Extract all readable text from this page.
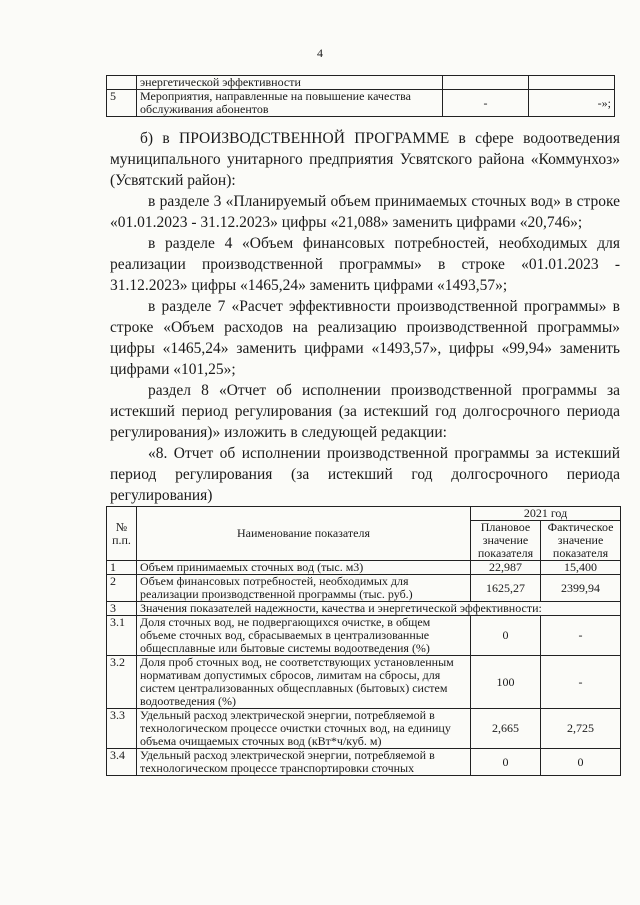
4
	энергетической эффективности		
5	Мероприятия, направленные на повышение качества обслуживания абонентов	-	-»;

б) в ПРОИЗВОДСТВЕННОЙ ПРОГРАММЕ в сфере водоотведения муниципального унитарного предприятия Усвятского района «Коммунхоз» (Усвятский район):

в разделе 3 «Планируемый объем принимаемых сточных вод» в строке «01.01.2023 - 31.12.2023» цифры «21,088» заменить цифрами «20,746»;

в разделе 4 «Объем финансовых потребностей, необходимых для реализации производственной программы» в строке «01.01.2023 - 31.12.2023» цифры «1465,24» заменить цифрами «1493,57»;

в разделе 7 «Расчет эффективности производственной программы» в строке «Объем расходов на реализацию производственной программы» цифры «1465,24» заменить цифрами «1493,57», цифры «99,94» заменить цифрами «101,25»;

раздел 8 «Отчет об исполнении производственной программы за истекший период регулирования (за истекший год долгосрочного периода регулирования)» изложить в следующей редакции:

«8. Отчет об исполнении производственной программы за истекший период регулирования (за истекший год долгосрочного периода регулирования)

№ п.п.	Наименование показателя	2021 год	
		Плановое значение показателя	Фактическое значение показателя
1	Объем принимаемых сточных вод (тыс. м3)	22,987	15,400
2	Объем финансовых потребностей, необходимых для реализации производственной программы (тыс. руб.)	1625,27	2399,94
3	Значения показателей надежности, качества и энергетической эффективности:		
3.1	Доля сточных вод, не подвергающихся очистке, в общем объеме сточных вод, сбрасываемых в централизованные общесплавные или бытовые системы водоотведения (%)	0	-
3.2	Доля проб сточных вод, не соответствующих установленным нормативам допустимых сбросов, лимитам на сбросы, для систем централизованных общесплавных (бытовых) систем водоотведения (%)	100	-
3.3	Удельный расход электрической энергии, потребляемой в технологическом процессе очистки сточных вод, на единицу объема очищаемых сточных вод (кВт*ч/куб. м)	2,665	2,725
3.4	Удельный расход электрической энергии, потребляемой в технологическом процессе транспортировки сточных	0	0
